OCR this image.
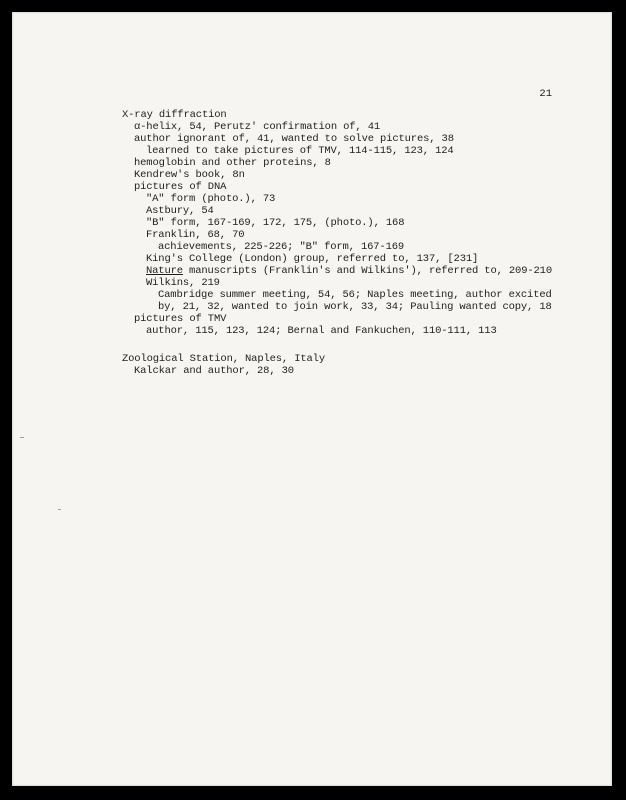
21
X-ray diffraction
α-helix, 54, Perutz' confirmation of, 41
author ignorant of, 41, wanted to solve pictures, 38
learned to take pictures of TMV, 114-115, 123, 124
hemoglobin and other proteins, 8
Kendrew's book, 8n
pictures of DNA
"A" form (photo.), 73
Astbury, 54
"B" form, 167-169, 172, 175, (photo.), 168
Franklin, 68, 70
achievements, 225-226; "B" form, 167-169
King's College (London) group, referred to, 137, [231]
Nature manuscripts (Franklin's and Wilkins'), referred to, 209-210
Wilkins, 219
Cambridge summer meeting, 54, 56; Naples meeting, author excited
by, 21, 32, wanted to join work, 33, 34; Pauling wanted copy, 18
pictures of TMV
author, 115, 123, 124; Bernal and Fankuchen, 110-111, 113
Zoological Station, Naples, Italy
Kalckar and author, 28, 30
